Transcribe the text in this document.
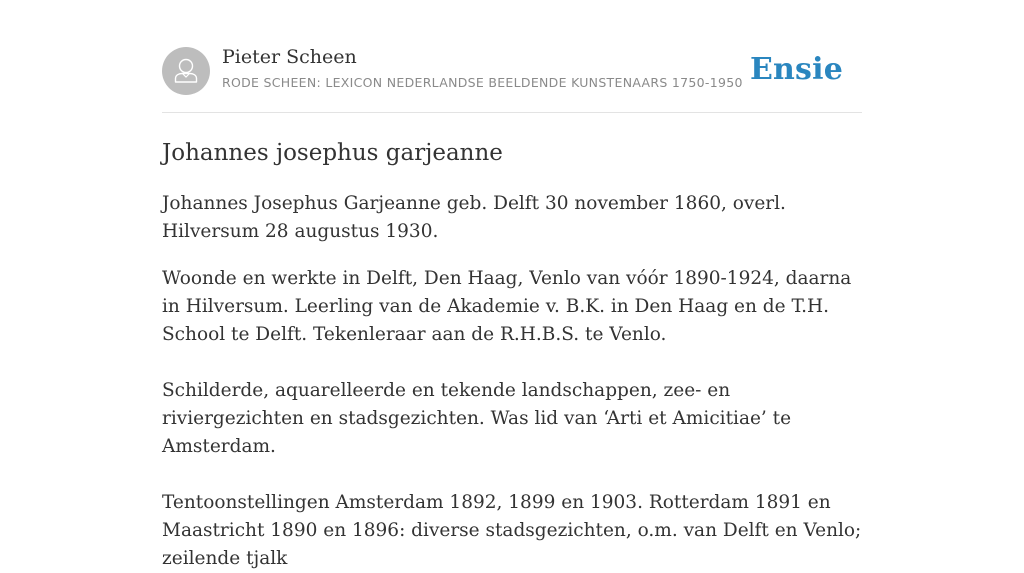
Pieter Scheen
RODE SCHEEN: LEXICON NEDERLANDSE BEELDENDE KUNSTENAARS 1750-1950 Ensie
Johannes josephus garjeanne

Johannes Josephus Garjeanne geb. Delft 30 november 1860, overl. Hilversum 28 augustus 1930.

Woonde en werkte in Delft, Den Haag, Venlo van vóór 1890-1924, daarna in Hilversum. Leerling van de Akademie v. B.K. in Den Haag en de T.H. School te Delft. Tekenleraar aan de R.H.B.S. te Venlo.

Schilderde, aquarelleerde en tekende landschappen, zee- en riviergezichten en stadsgezichten. Was lid van ‘Arti et Amicitiae’ te Amsterdam.

Tentoonstellingen Amsterdam 1892, 1899 en 1903. Rotterdam 1891 en Maastricht 1890 en 1896: diverse stadsgezichten, o.m. van Delft en Venlo; zeilende tjalk
